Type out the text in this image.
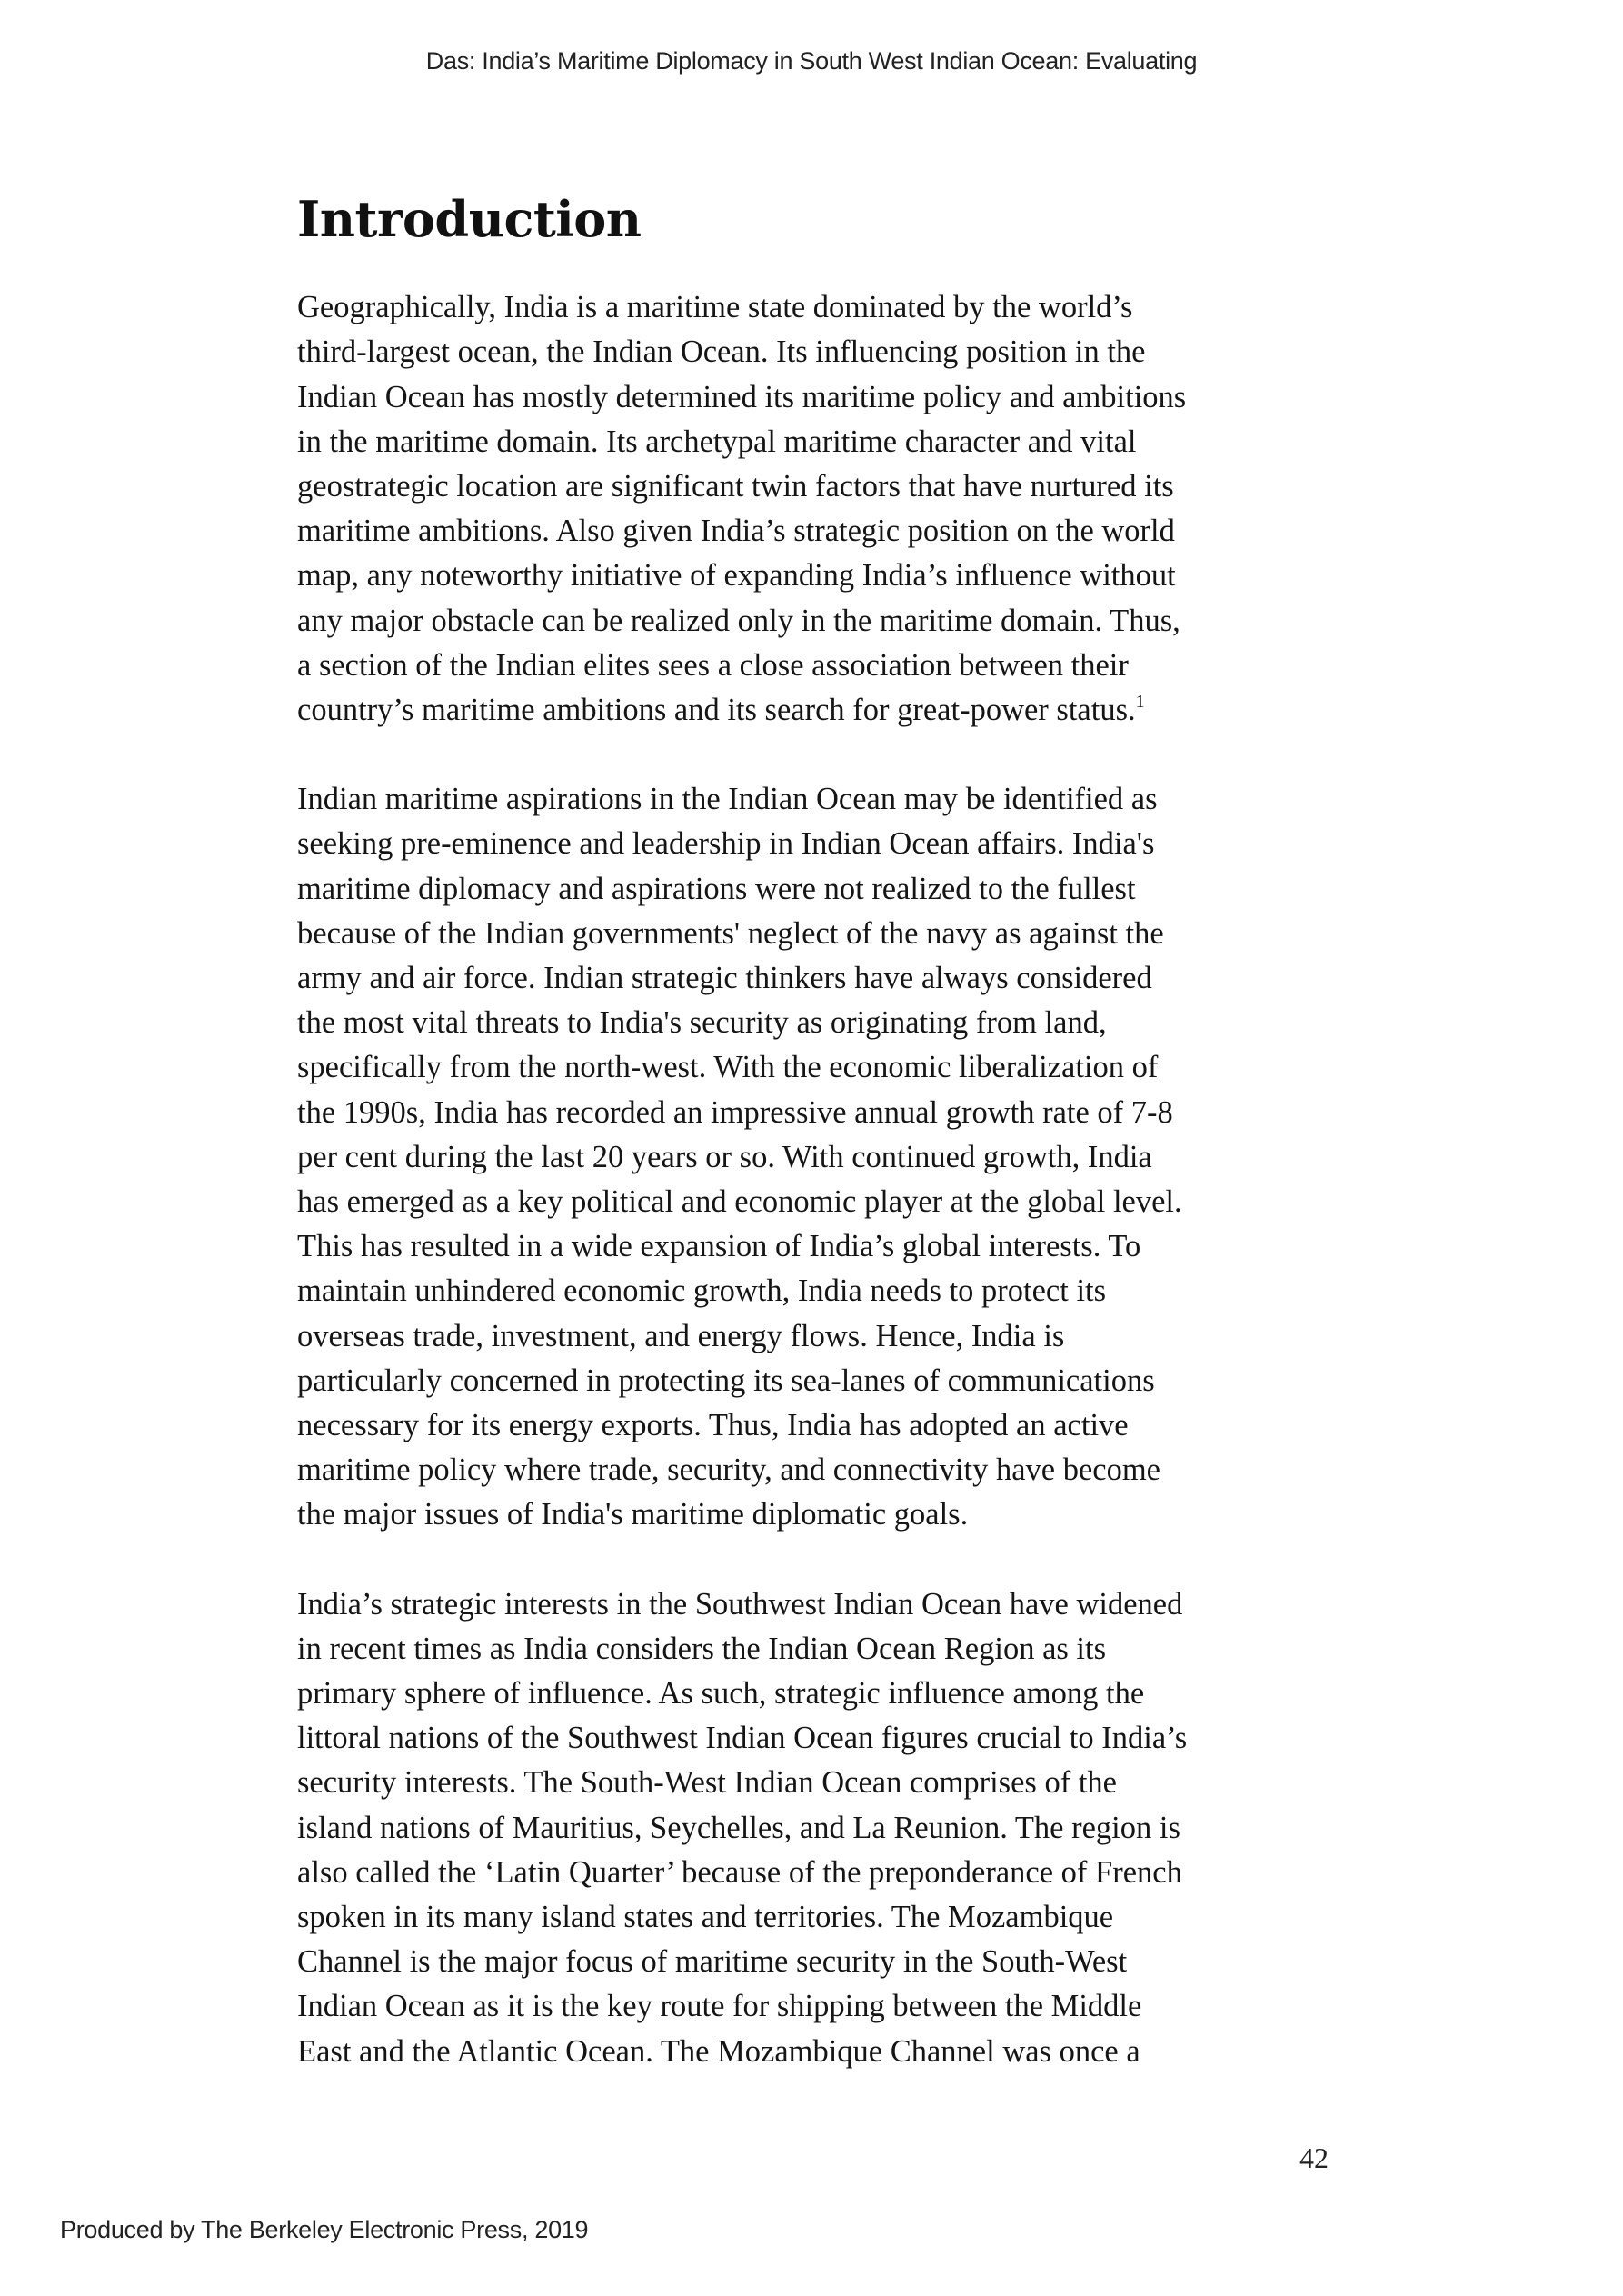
Das: India’s Maritime Diplomacy in South West Indian Ocean: Evaluating
Introduction
Geographically, India is a maritime state dominated by the world’s
third-largest ocean, the Indian Ocean. Its influencing position in the
Indian Ocean has mostly determined its maritime policy and ambitions
in the maritime domain. Its archetypal maritime character and vital
geostrategic location are significant twin factors that have nurtured its
maritime ambitions. Also given India’s strategic position on the world
map, any noteworthy initiative of expanding India’s influence without
any major obstacle can be realized only in the maritime domain. Thus,
a section of the Indian elites sees a close association between their
country’s maritime ambitions and its search for great-power status.$^1$
Indian maritime aspirations in the Indian Ocean may be identified as
seeking pre-eminence and leadership in Indian Ocean affairs. India's
maritime diplomacy and aspirations were not realized to the fullest
because of the Indian governments' neglect of the navy as against the
army and air force. Indian strategic thinkers have always considered
the most vital threats to India's security as originating from land,
specifically from the north-west. With the economic liberalization of
the 1990s, India has recorded an impressive annual growth rate of 7-8
per cent during the last 20 years or so. With continued growth, India
has emerged as a key political and economic player at the global level.
This has resulted in a wide expansion of India’s global interests. To
maintain unhindered economic growth, India needs to protect its
overseas trade, investment, and energy flows. Hence, India is
particularly concerned in protecting its sea-lanes of communications
necessary for its energy exports. Thus, India has adopted an active
maritime policy where trade, security, and connectivity have become
the major issues of India's maritime diplomatic goals.
India’s strategic interests in the Southwest Indian Ocean have widened
in recent times as India considers the Indian Ocean Region as its
primary sphere of influence. As such, strategic influence among the
littoral nations of the Southwest Indian Ocean figures crucial to India’s
security interests. The South-West Indian Ocean comprises of the
island nations of Mauritius, Seychelles, and La Reunion. The region is
also called the ‘Latin Quarter’ because of the preponderance of French
spoken in its many island states and territories. The Mozambique
Channel is the major focus of maritime security in the South-West
Indian Ocean as it is the key route for shipping between the Middle
East and the Atlantic Ocean. The Mozambique Channel was once a
42
Produced by The Berkeley Electronic Press, 2019
